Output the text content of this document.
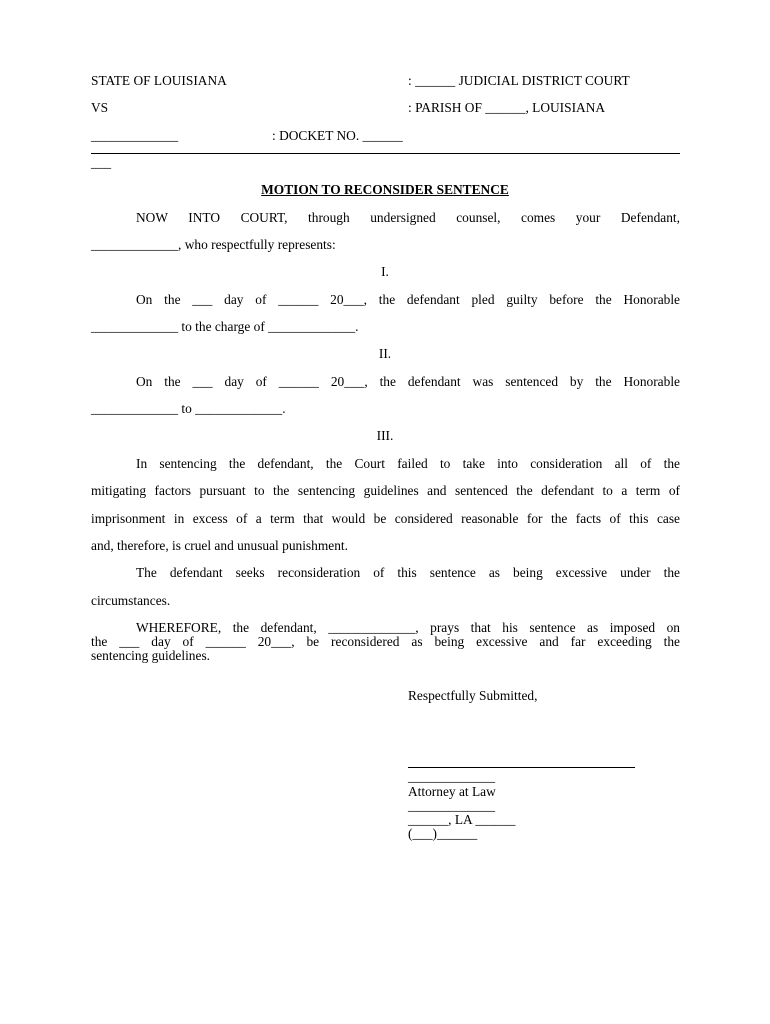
STATE OF LOUISIANA	: ______ JUDICIAL DISTRICT COURT
VS	: PARISH OF ______, LOUISIANA
_____________	: DOCKET NO. ______
___
MOTION TO RECONSIDER SENTENCE
NOW INTO COURT, through undersigned counsel, comes your Defendant,
_____________, who respectfully represents:
I.
On the ___ day of ______ 20___, the defendant pled guilty before the Honorable
_____________ to the charge of _____________.
II.
On the ___ day of ______ 20___, the defendant was sentenced by the Honorable
_____________ to _____________.
III.
In sentencing the defendant, the Court failed to take into consideration all of the
mitigating factors pursuant to the sentencing guidelines and sentenced the defendant to a term of
imprisonment in excess of a term that would be considered reasonable for the facts of this case
and, therefore, is cruel and unusual punishment.
The defendant seeks reconsideration of this sentence as being excessive under the
circumstances.
WHEREFORE, the defendant, _____________, prays that his sentence as imposed on
the ___ day of ______ 20___, be reconsidered as being excessive and far exceeding the
sentencing guidelines.
Respectfully Submitted,
_____________
Attorney at Law
_____________
______, LA ______
(___)______
